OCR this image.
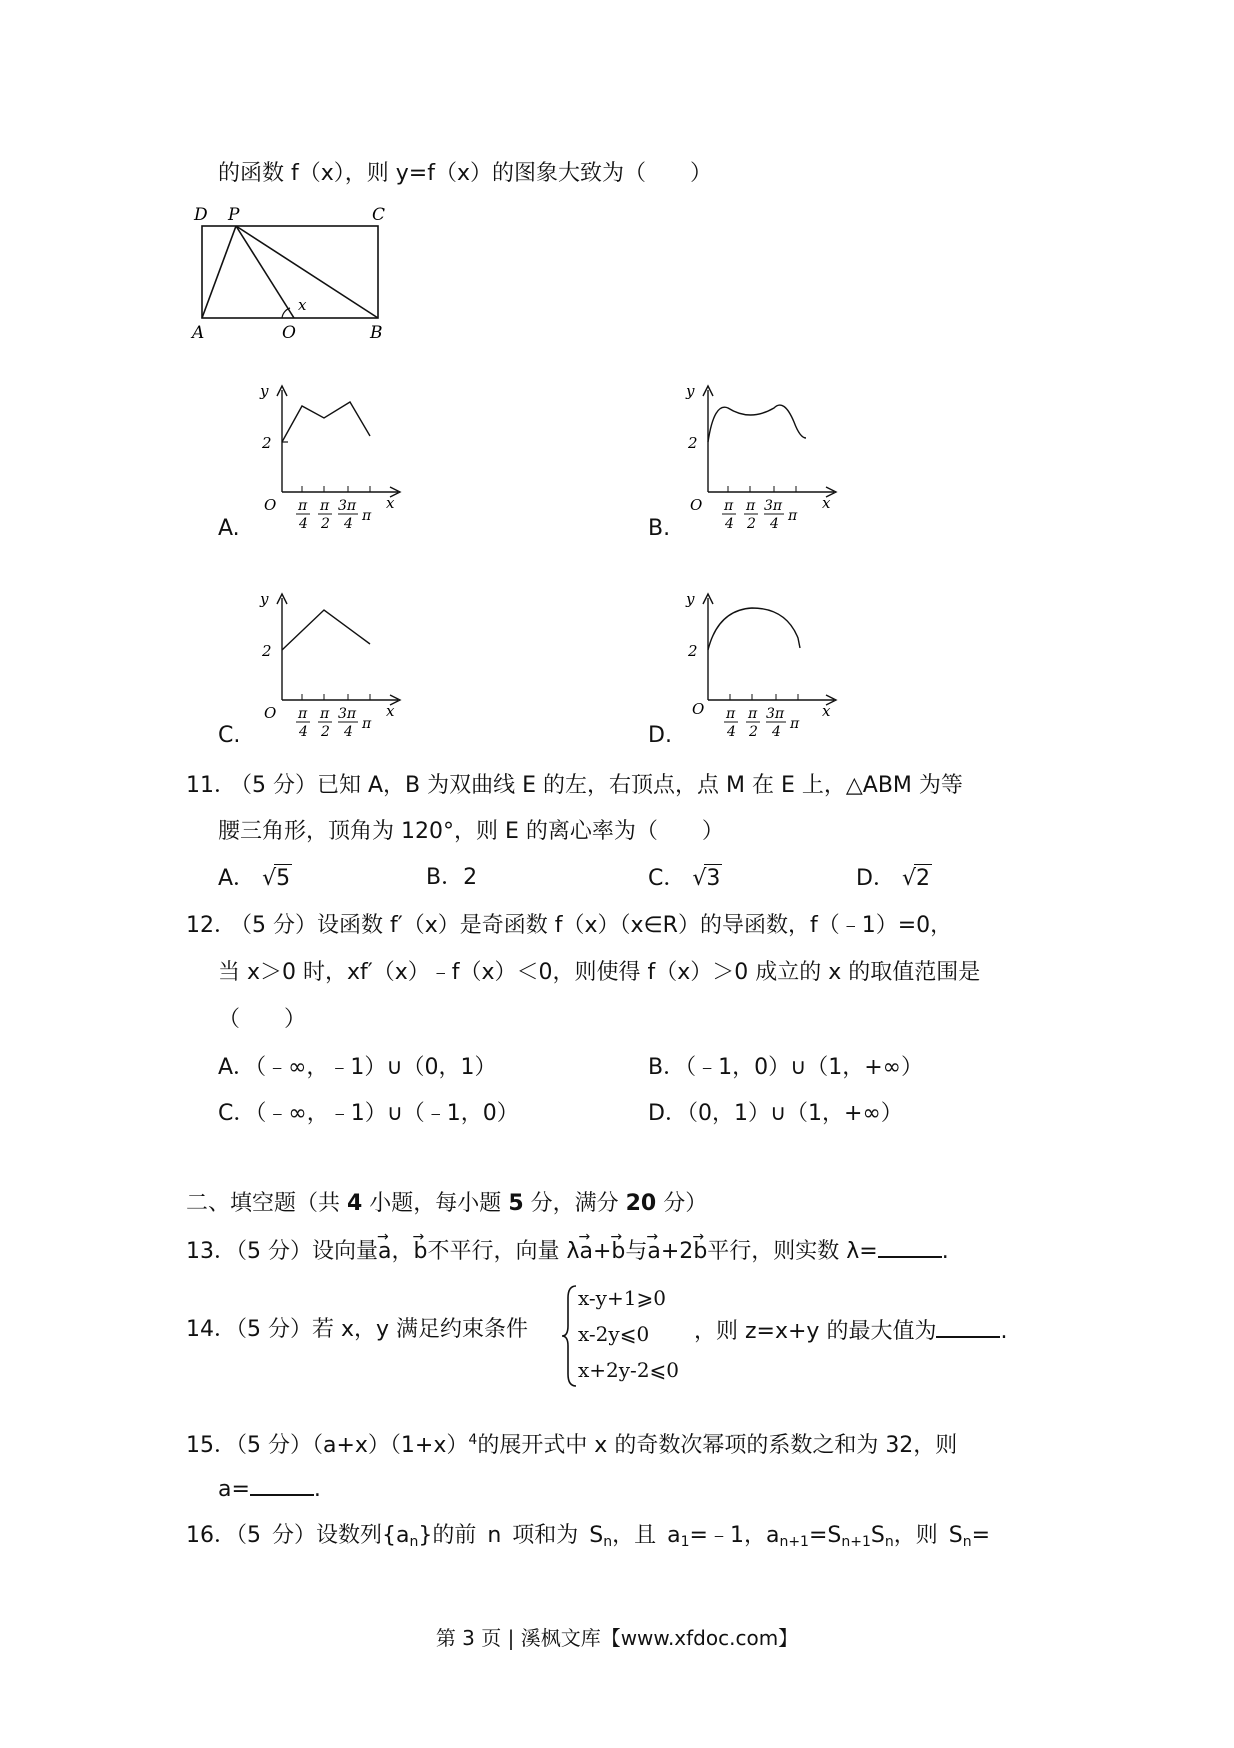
的函数 f（x），则 y=f（x）的图象大致为（　　）
D P	C
A	O	B
x
A.
y
2
O	x
π
4
π
2
3π
4 π	B.
y
2
O	x
π
4
π
2
3π
4 π
C.
y
2
O	x
π
4
π
2
3π
4 π	D.
y
2
O	x
π
4
π
2
3π
4 π
11．
（5 分）已知 A，B 为双曲线 E 的左，右顶点，点 M 在 E 上，△ABM 为等
腰三角形，顶角为 120°，则 E 的离心率为（　　）
A． √5	B．2	C． √3	D． √2
12．
（5 分）设函数 f′（x）是奇函数 f（x）（x∈R）的导函数，f（﹣1）=0，
当 x＞0 时，xf′（x）﹣f（x）＜0，则使得 f（x）＞0 成立的 x 的取值范围是
（　　）
A．（﹣∞，﹣1）∪（0，1）	B．（﹣1，0）∪（1，+∞）
C．（﹣∞，﹣1）∪（﹣1，0）	D．（0，1）∪（1，+∞）
二、填空题（共 4 小题，每小题 5 分，满分 20 分）
13．（5 分）设向量→ a，→ b不平行，向量 λ→ a+→ b与→ a+2→ b平行，则实数 λ=	.
14．（5 分）若 x，y 满足约束条件
x-y+1⩾0
x-2y⩽0
x+2y-2⩽0
，则 z=x+y 的最大值为	.
15．（5 分）$(a+x)(1+x)^4$的展开式中 x 的奇数次幂项的系数之和为 32，则
a=	.
16．（5 分）设数列$\{a_n\}$的前 n 项和为 $S_n$，且 $a_1=﹣1$，$a_{n+1}=S_{n+1}S_n$，则 $S_n=$
第 3 页 | 溪枫文库【www.xfdoc.com】
